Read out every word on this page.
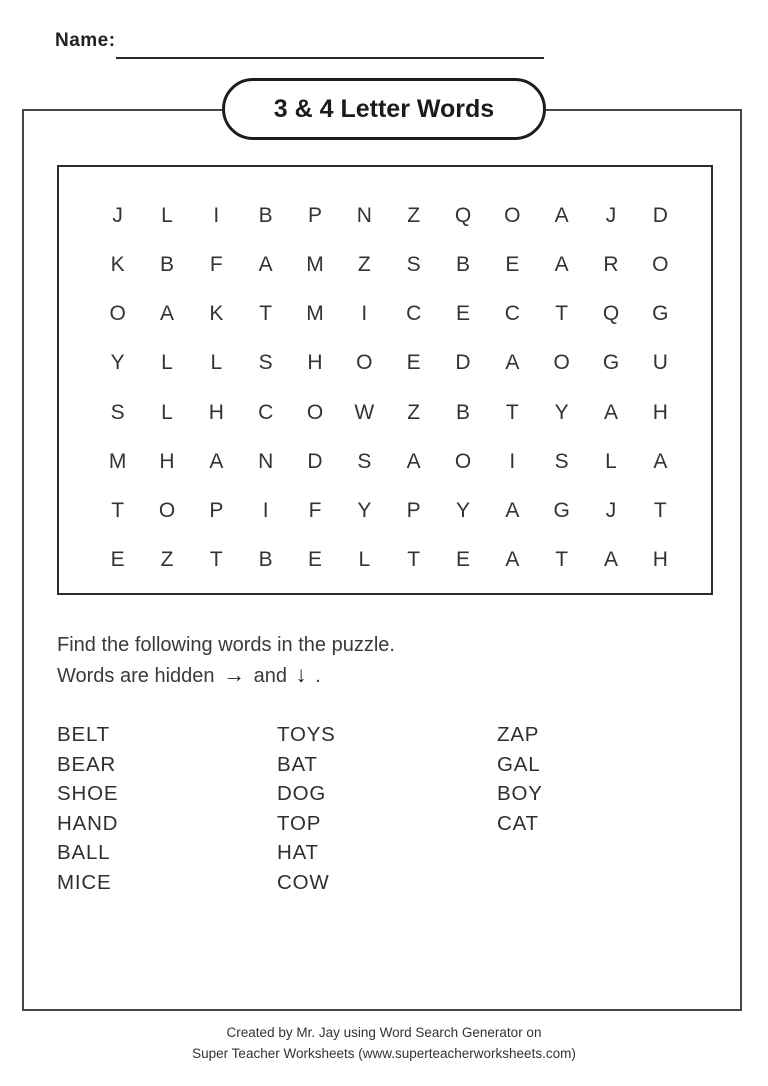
Name:
3 & 4 Letter Words
J	L	I	B	P	N	Z	Q	O	A	J	D
K	B	F	A	M	Z	S	B	E	A	R	O
O	A	K	T	M	I	C	E	C	T	Q	G
Y	L	L	S	H	O	E	D	A	O	G	U
S	L	H	C	O	W	Z	B	T	Y	A	H
M	H	A	N	D	S	A	O	I	S	L	A
T	O	P	I	F	Y	P	Y	A	G	J	T
E	Z	T	B	E	L	T	E	A	T	A	H
Find the following words in the puzzle.
Words are hidden → and ↓ .
BELT
BEAR
SHOE
HAND
BALL
MICE
TOYS
BAT
DOG
TOP
HAT
COW
ZAP
GAL
BOY
CAT
Created by Mr. Jay using Word Search Generator on
Super Teacher Worksheets (www.superteacherworksheets.com)
